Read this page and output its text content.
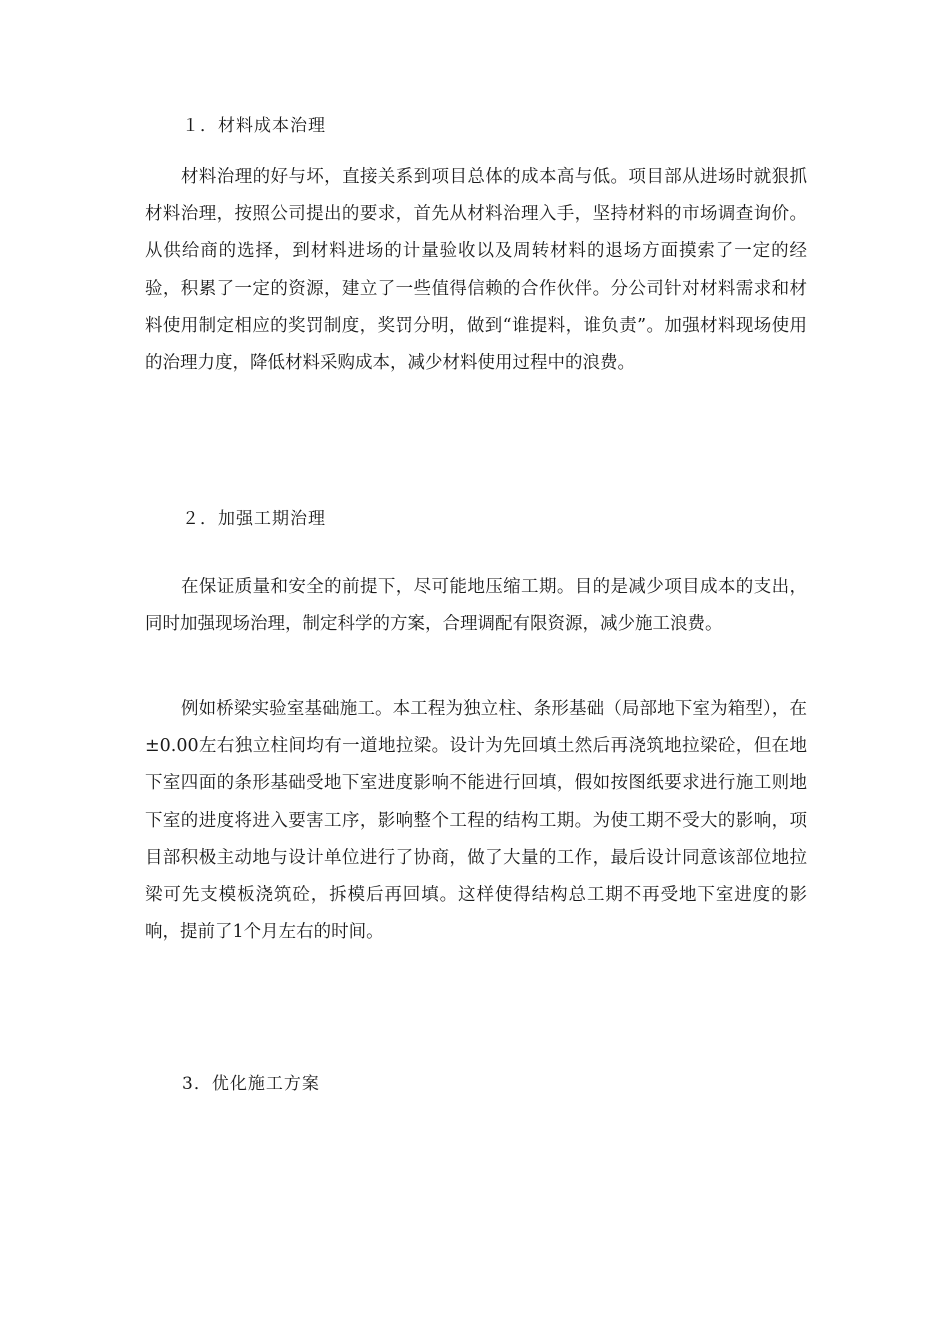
１．材料成本治理

材料治理的好与坏，直接关系到项目总体的成本高与低。项目部从进场时就狠抓材料治理，按照公司提出的要求，首先从材料治理入手，坚持材料的市场调查询价。从供给商的选择，到材料进场的计量验收以及周转材料的退场方面摸索了一定的经验，积累了一定的资源，建立了一些值得信赖的合作伙伴。分公司针对材料需求和材料使用制定相应的奖罚制度，奖罚分明，做到“谁提料，谁负责”。加强材料现场使用的治理力度，降低材料采购成本，减少材料使用过程中的浪费。

２．加强工期治理

在保证质量和安全的前提下，尽可能地压缩工期。目的是减少项目成本的支出，同时加强现场治理，制定科学的方案，合理调配有限资源，减少施工浪费。

例如桥梁实验室基础施工。本工程为独立柱、条形基础（局部地下室为箱型），在±0.00左右独立柱间均有一道地拉梁。设计为先回填土然后再浇筑地拉梁砼，但在地下室四面的条形基础受地下室进度影响不能进行回填，假如按图纸要求进行施工则地下室的进度将进入要害工序，影响整个工程的结构工期。为使工期不受大的影响，项目部积极主动地与设计单位进行了协商，做了大量的工作，最后设计同意该部位地拉梁可先支模板浇筑砼，拆模后再回填。这样使得结构总工期不再受地下室进度的影响，提前了1个月左右的时间。

3．优化施工方案
